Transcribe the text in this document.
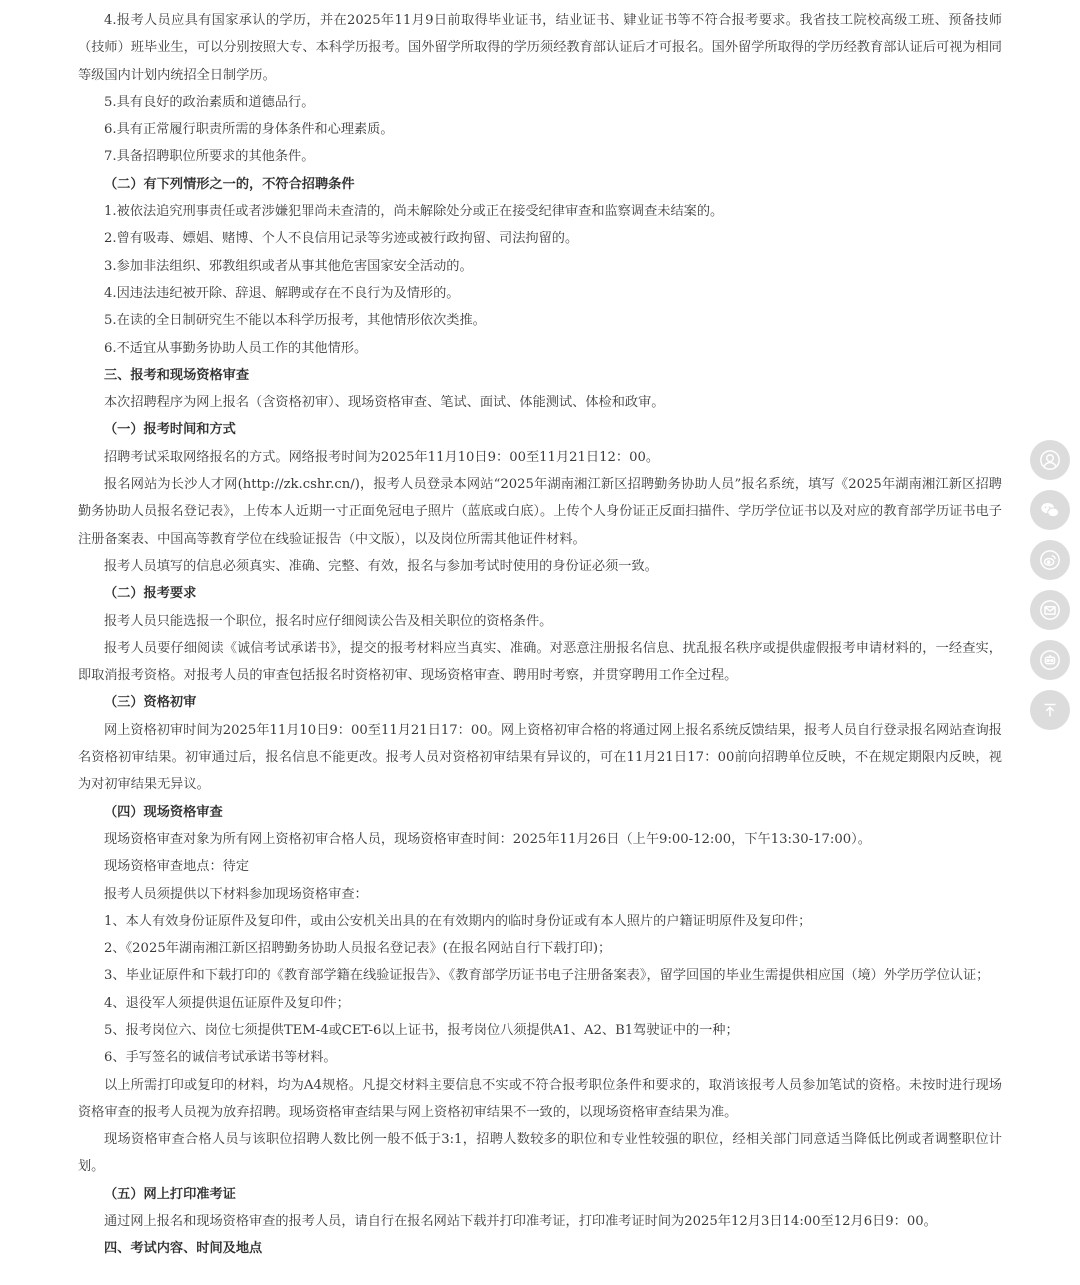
4.报考人员应具有国家承认的学历，并在2025年11月9日前取得毕业证书，结业证书、肄业证书等不符合报考要求。我省技工院校高级工班、预备技师（技师）班毕业生，可以分别按照大专、本科学历报考。国外留学所取得的学历须经教育部认证后才可报名。国外留学所取得的学历经教育部认证后可视为相同等级国内计划内统招全日制学历。

5.具有良好的政治素质和道德品行。

6.具有正常履行职责所需的身体条件和心理素质。

7.具备招聘职位所要求的其他条件。

（二）有下列情形之一的，不符合招聘条件

1.被依法追究刑事责任或者涉嫌犯罪尚未查清的，尚未解除处分或正在接受纪律审查和监察调查未结案的。

2.曾有吸毒、嫖娼、赌博、个人不良信用记录等劣迹或被行政拘留、司法拘留的。

3.参加非法组织、邪教组织或者从事其他危害国家安全活动的。

4.因违法违纪被开除、辞退、解聘或存在不良行为及情形的。

5.在读的全日制研究生不能以本科学历报考，其他情形依次类推。

6.不适宜从事勤务协助人员工作的其他情形。

三、报考和现场资格审查

本次招聘程序为网上报名（含资格初审）、现场资格审查、笔试、面试、体能测试、体检和政审。

（一）报考时间和方式

招聘考试采取网络报名的方式。网络报考时间为2025年11月10日9：00至11月21日12：00。

报名网站为长沙人才网(http://zk.cshr.cn/)，报考人员登录本网站“2025年湖南湘江新区招聘勤务协助人员”报名系统，填写《2025年湖南湘江新区招聘勤务协助人员报名登记表》，上传本人近期一寸正面免冠电子照片（蓝底或白底）。上传个人身份证正反面扫描件、学历学位证书以及对应的教育部学历证书电子注册备案表、中国高等教育学位在线验证报告（中文版），以及岗位所需其他证件材料。

报考人员填写的信息必须真实、准确、完整、有效，报名与参加考试时使用的身份证必须一致。

（二）报考要求

报考人员只能选报一个职位，报名时应仔细阅读公告及相关职位的资格条件。

报考人员要仔细阅读《诚信考试承诺书》，提交的报考材料应当真实、准确。对恶意注册报名信息、扰乱报名秩序或提供虚假报考申请材料的，一经查实，即取消报考资格。对报考人员的审查包括报名时资格初审、现场资格审查、聘用时考察，并贯穿聘用工作全过程。

（三）资格初审

网上资格初审时间为2025年11月10日9：00至11月21日17：00。网上资格初审合格的将通过网上报名系统反馈结果，报考人员自行登录报名网站查询报名资格初审结果。初审通过后，报名信息不能更改。报考人员对资格初审结果有异议的，可在11月21日17：00前向招聘单位反映，不在规定期限内反映，视为对初审结果无异议。

（四）现场资格审查

现场资格审查对象为所有网上资格初审合格人员，现场资格审查时间：2025年11月26日（上午9:00-12:00，下午13:30-17:00）。

现场资格审查地点：待定

报考人员须提供以下材料参加现场资格审查：

1、本人有效身份证原件及复印件，或由公安机关出具的在有效期内的临时身份证或有本人照片的户籍证明原件及复印件；

2、《2025年湖南湘江新区招聘勤务协助人员报名登记表》(在报名网站自行下载打印)；

3、毕业证原件和下载打印的《教育部学籍在线验证报告》、《教育部学历证书电子注册备案表》，留学回国的毕业生需提供相应国（境）外学历学位认证；

4、退役军人须提供退伍证原件及复印件；

5、报考岗位六、岗位七须提供TEM-4或CET-6以上证书，报考岗位八须提供A1、A2、B1驾驶证中的一种；

6、手写签名的诚信考试承诺书等材料。

以上所需打印或复印的材料，均为A4规格。凡提交材料主要信息不实或不符合报考职位条件和要求的，取消该报考人员参加笔试的资格。未按时进行现场资格审查的报考人员视为放弃招聘。现场资格审查结果与网上资格初审结果不一致的，以现场资格审查结果为准。

现场资格审查合格人员与该职位招聘人数比例一般不低于3:1，招聘人数较多的职位和专业性较强的职位，经相关部门同意适当降低比例或者调整职位计划。

（五）网上打印准考证

通过网上报名和现场资格审查的报考人员，请自行在报名网站下载并打印准考证，打印准考证时间为2025年12月3日14:00至12月6日9：00。

四、考试内容、时间及地点
